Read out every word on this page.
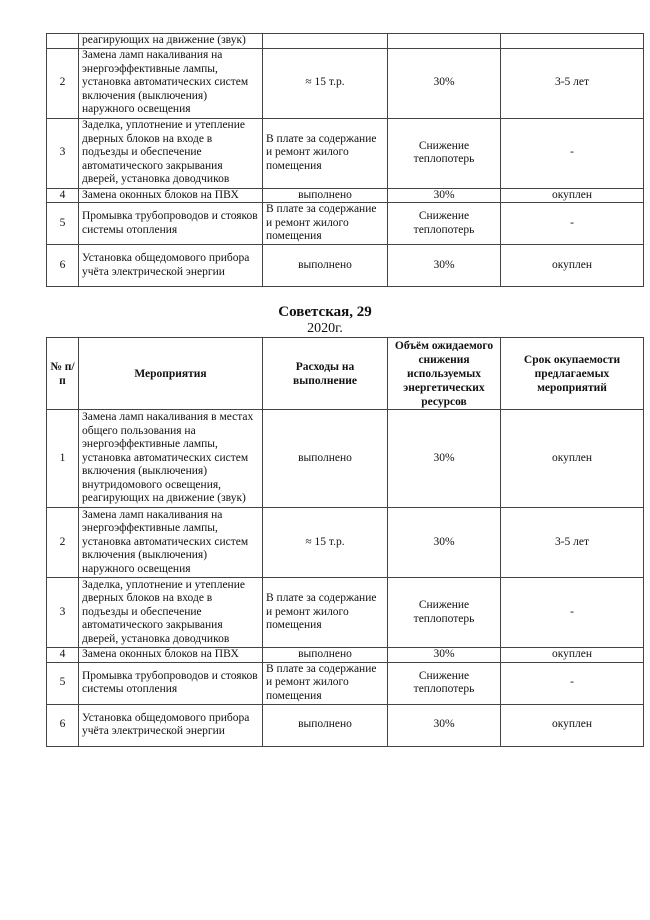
	реагирующих на движение (звук)			
2	Замена ламп накаливания на энергоэффективные лампы, установка автоматических систем включения (выключения) наружного освещения	≈ 15 т.р.	30%	3-5 лет
3	Заделка, уплотнение и утепление дверных блоков на входе в подъезды и обеспечение автоматического закрывания дверей, установка доводчиков	В плате за содержание и ремонт жилого помещения	Снижение теплопотерь	-
4	Замена оконных блоков на ПВХ	выполнено	30%	окуплен
5	Промывка трубопроводов и стояков системы отопления	В плате за содержание и ремонт жилого помещения	Снижение теплопотерь	-
6	Установка общедомового прибора учёта электрической энергии	выполнено	30%	окуплен
Советская, 29
2020г.
№ п/п	Мероприятия	Расходы на выполнение	Объём ожидаемого снижения используемых энергетических ресурсов	Срок окупаемости предлагаемых мероприятий
1	Замена ламп накаливания в местах общего пользования на энергоэффективные лампы, установка автоматических систем включения (выключения) внутридомового освещения, реагирующих на движение (звук)	выполнено	30%	окуплен
2	Замена ламп накаливания на энергоэффективные лампы, установка автоматических систем включения (выключения) наружного освещения	≈ 15 т.р.	30%	3-5 лет
3	Заделка, уплотнение и утепление дверных блоков на входе в подъезды и обеспечение автоматического закрывания дверей, установка доводчиков	В плате за содержание и ремонт жилого помещения	Снижение теплопотерь	-
4	Замена оконных блоков на ПВХ	выполнено	30%	окуплен
5	Промывка трубопроводов и стояков системы отопления	В плате за содержание и ремонт жилого помещения	Снижение теплопотерь	-
6	Установка общедомового прибора учёта электрической энергии	выполнено	30%	окуплен
